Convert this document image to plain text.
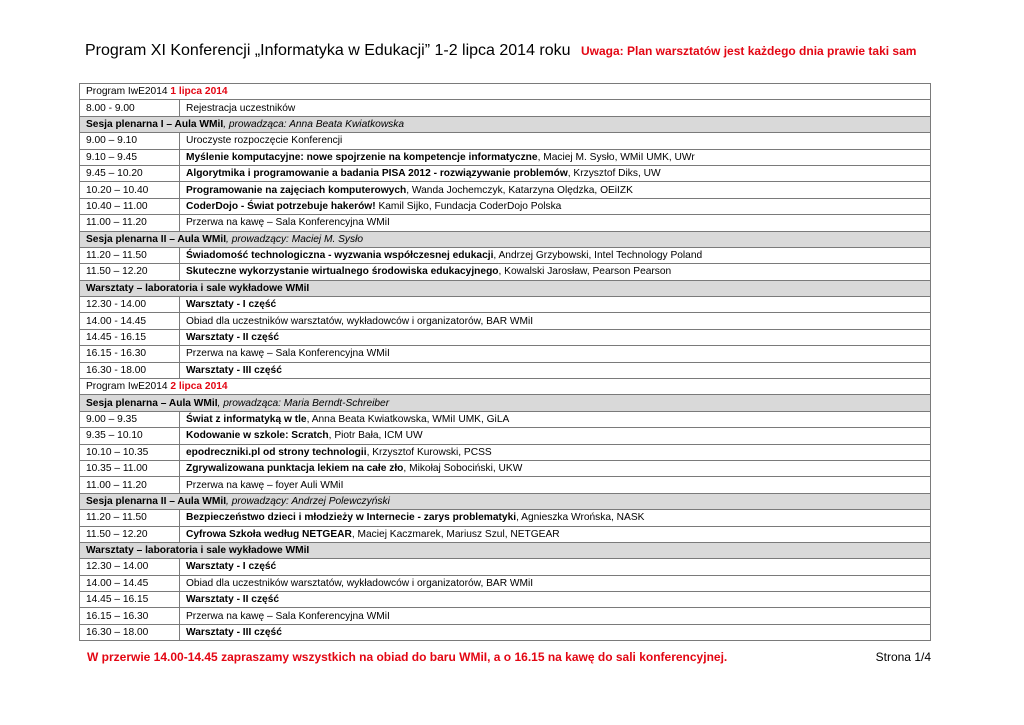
Program XI Konferencji „Informatyka w Edukacji” 1-2 lipca 2014 roku Uwaga: Plan warsztatów jest każdego dnia prawie taki sam
Program IwE2014 1 lipca 2014	
8.00 - 9.00	Rejestracja uczestników
Sesja plenarna I – Aula WMiI, prowadząca: Anna Beata Kwiatkowska	
9.00 – 9.10	Uroczyste rozpoczęcie Konferencji
9.10 – 9.45	Myślenie komputacyjne: nowe spojrzenie na kompetencje informatyczne, Maciej M. Sysło, WMiI UMK, UWr
9.45 – 10.20	Algorytmika i programowanie a badania PISA 2012 - rozwiązywanie problemów, Krzysztof Diks, UW
10.20 – 10.40	Programowanie na zajęciach komputerowych, Wanda Jochemczyk, Katarzyna Olędzka, OEiIZK
10.40 – 11.00	CoderDojo - Świat potrzebuje hakerów! Kamil Sijko, Fundacja CoderDojo Polska
11.00 – 11.20	Przerwa na kawę – Sala Konferencyjna WMiI
Sesja plenarna II – Aula WMiI, prowadzący: Maciej M. Sysło	
11.20 – 11.50	Świadomość technologiczna - wyzwania współczesnej edukacji, Andrzej Grzybowski, Intel Technology Poland
11.50 – 12.20	Skuteczne wykorzystanie wirtualnego środowiska edukacyjnego, Kowalski Jarosław, Pearson Pearson
Warsztaty – laboratoria i sale wykładowe WMiI	
12.30 - 14.00	Warsztaty - I część
14.00 - 14.45	Obiad dla uczestników warsztatów, wykładowców i organizatorów, BAR WMiI
14.45 - 16.15	Warsztaty - II część
16.15 - 16.30	Przerwa na kawę – Sala Konferencyjna WMiI
16.30 - 18.00	Warsztaty - III część
Program IwE2014 2 lipca 2014	
Sesja plenarna – Aula WMiI, prowadząca: Maria Berndt-Schreiber	
9.00 – 9.35	Świat z informatyką w tle, Anna Beata Kwiatkowska, WMiI UMK, GiLA
9.35 – 10.10	Kodowanie w szkole: Scratch, Piotr Bała, ICM UW
10.10 – 10.35	epodreczniki.pl od strony technologii, Krzysztof Kurowski, PCSS
10.35 – 11.00	Zgrywalizowana punktacja lekiem na całe zło, Mikołaj Sobociński, UKW
11.00 – 11.20	Przerwa na kawę – foyer Auli WMiI
Sesja plenarna II – Aula WMiI, prowadzący: Andrzej Polewczyński	
11.20 – 11.50	Bezpieczeństwo dzieci i młodzieży w Internecie - zarys problematyki, Agnieszka Wrońska, NASK
11.50 – 12.20	Cyfrowa Szkoła według NETGEAR, Maciej Kaczmarek, Mariusz Szul, NETGEAR
Warsztaty – laboratoria i sale wykładowe WMiI	
12.30 – 14.00	Warsztaty - I część
14.00 – 14.45	Obiad dla uczestników warsztatów, wykładowców i organizatorów, BAR WMiI
14.45 – 16.15	Warsztaty - II część
16.15 – 16.30	Przerwa na kawę – Sala Konferencyjna WMiI
16.30 – 18.00	Warsztaty - III część
W przerwie 14.00-14.45 zapraszamy wszystkich na obiad do baru WMiI, a o 16.15 na kawę do sali konferencyjnej.	Strona 1/4
